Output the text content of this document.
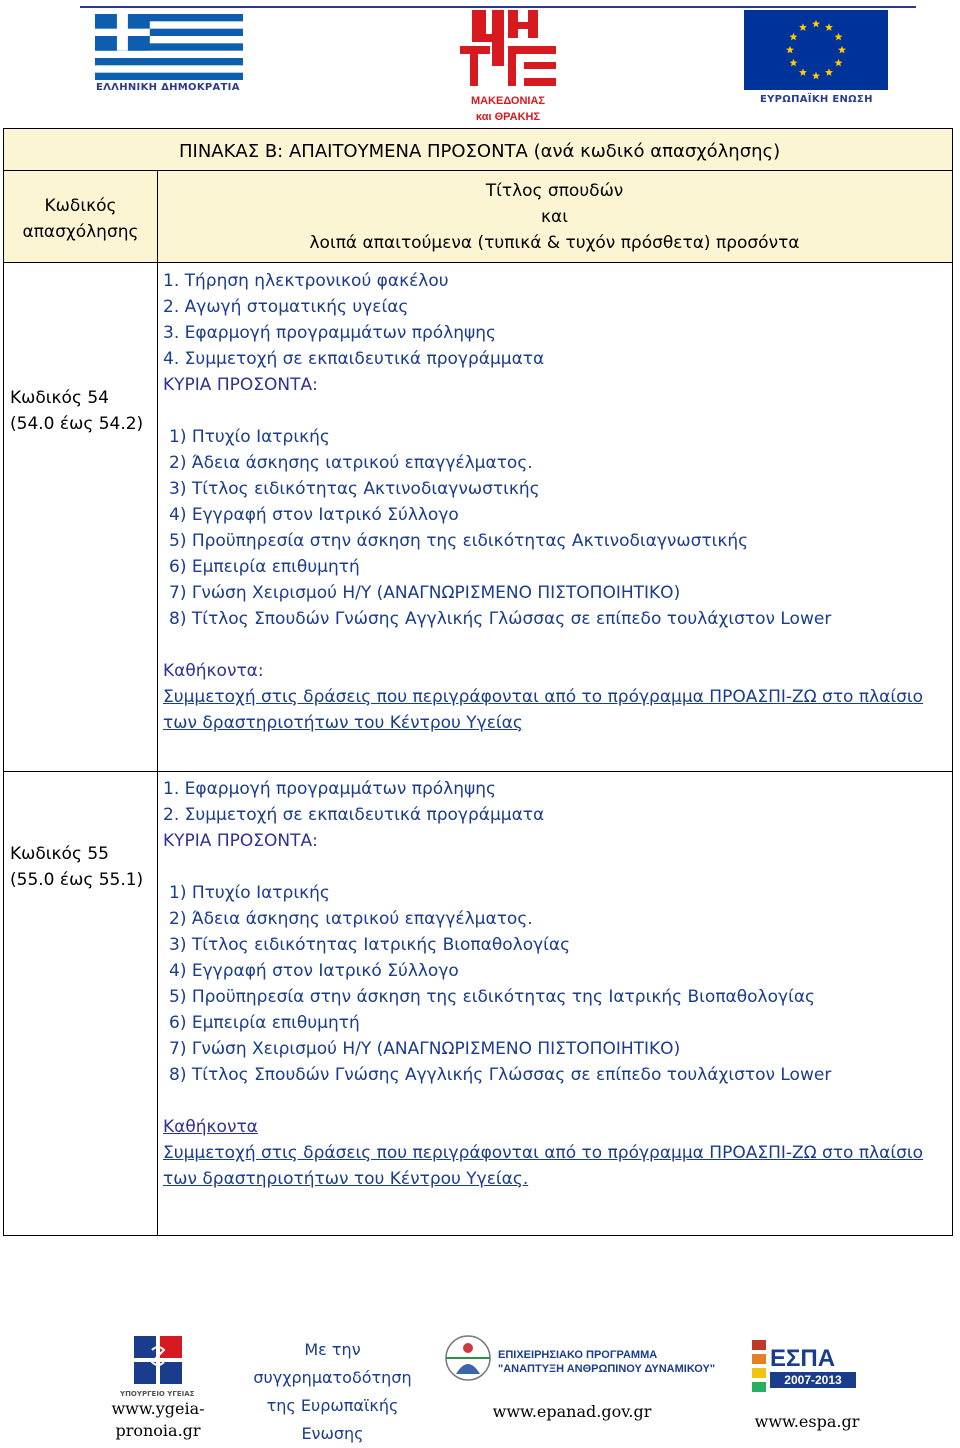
ΕΛΛΗΝΙΚΗ ΔΗΜΟΚΡΑΤΙΑ
ΜΑΚΕΔΟΝΙΑΣ
και ΘΡΑΚΗΣ
ΕΥΡΩΠΑΪΚΗ ΕΝΩΣΗ
ΠΙΝΑΚΑΣ Β: ΑΠΑΙΤΟΥΜΕΝΑ ΠΡΟΣΟΝΤΑ (ανά κωδικό απασχόλησης)
Κωδικός
απασχόλησης
Τίτλος σπουδών
και
λοιπά απαιτούμενα (τυπικά & τυχόν πρόσθετα) προσόντα
Κωδικός 54
(54.0 έως 54.2)
1. Τήρηση ηλεκτρονικού φακέλου
2. Αγωγή στοματικής υγείας
3. Εφαρμογή προγραμμάτων πρόληψης
4. Συμμετοχή σε εκπαιδευτικά προγράμματα
ΚΥΡΙΑ ΠΡΟΣΟΝΤΑ:
1) Πτυχίο Ιατρικής
2) Άδεια άσκησης ιατρικού επαγγέλματος.
3) Τίτλος ειδικότητας Ακτινοδιαγνωστικής
4) Εγγραφή στον Ιατρικό Σύλλογο
5) Προϋπηρεσία στην άσκηση της ειδικότητας Ακτινοδιαγνωστικής
6) Εμπειρία επιθυμητή
7) Γνώση Χειρισμού Η/Υ (ΑΝΑΓΝΩΡΙΣΜΕΝΟ ΠΙΣΤΟΠΟΙΗΤΙΚΟ)
8) Τίτλος Σπουδών Γνώσης Αγγλικής Γλώσσας σε επίπεδο τουλάχιστον Lower
Καθήκοντα:
Συμμετοχή στις δράσεις που περιγράφονται από το πρόγραμμα ΠΡΟΑΣΠΙ-ΖΩ στο πλαίσιο
των δραστηριοτήτων του Κέντρου Υγείας
Κωδικός 55
(55.0 έως 55.1)
1. Εφαρμογή προγραμμάτων πρόληψης
2. Συμμετοχή σε εκπαιδευτικά προγράμματα
ΚΥΡΙΑ ΠΡΟΣΟΝΤΑ:
1) Πτυχίο Ιατρικής
2) Άδεια άσκησης ιατρικού επαγγέλματος.
3) Τίτλος ειδικότητας Ιατρικής Βιοπαθολογίας
4) Εγγραφή στον Ιατρικό Σύλλογο
5) Προϋπηρεσία στην άσκηση της ειδικότητας της Ιατρικής Βιοπαθολογίας
6) Εμπειρία επιθυμητή
7) Γνώση Χειρισμού Η/Υ (ΑΝΑΓΝΩΡΙΣΜΕΝΟ ΠΙΣΤΟΠΟΙΗΤΙΚΟ)
8) Τίτλος Σπουδών Γνώσης Αγγλικής Γλώσσας σε επίπεδο τουλάχιστον Lower
Καθήκοντα
Συμμετοχή στις δράσεις που περιγράφονται από το πρόγραμμα ΠΡΟΑΣΠΙ-ΖΩ στο πλαίσιο
των δραστηριοτήτων του Κέντρου Υγείας.
ΥΠΟΥΡΓΕΙΟ ΥΓΕΙΑΣ
www.ygeia-
pronoia.gr
Με την
συγχρηματοδότηση
της Ευρωπαϊκής
Ενωσης
ΕΠΙΧΕΙΡΗΣΙΑΚΟ ΠΡΟΓΡΑΜΜΑ
"ΑΝΑΠΤΥΞΗ ΑΝΘΡΩΠΙΝΟΥ ΔΥΝΑΜΙΚΟΥ"
www.epanad.gov.gr
ΕΣΠΑ
2007-2013
www.espa.gr
